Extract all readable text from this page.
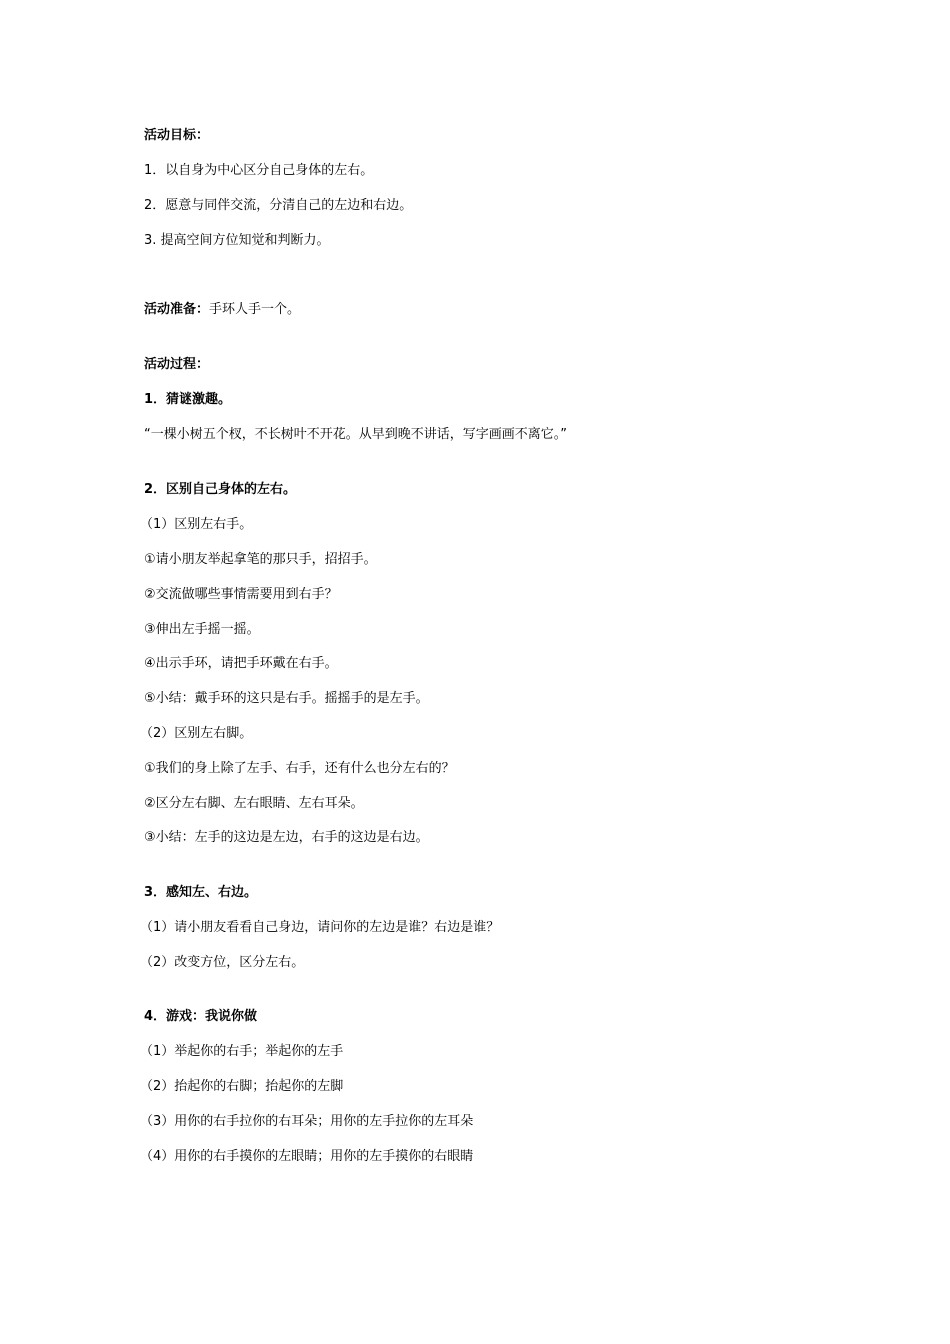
活动目标：
1．以自身为中心区分自己身体的左右。
2．愿意与同伴交流，分清自己的左边和右边。
3. 提高空间方位知觉和判断力。
活动准备：手环人手一个。
活动过程：
1．猜谜激趣。
“一棵小树五个杈，不长树叶不开花。从早到晚不讲话，写字画画不离它。”
2．区别自己身体的左右。
（1）区别左右手。
①请小朋友举起拿笔的那只手，招招手。
②交流做哪些事情需要用到右手？
③伸出左手摇一摇。
④出示手环，请把手环戴在右手。
⑤小结：戴手环的这只是右手。摇摇手的是左手。
（2）区别左右脚。
①我们的身上除了左手、右手，还有什么也分左右的？
②区分左右脚、左右眼睛、左右耳朵。
③小结：左手的这边是左边，右手的这边是右边。
3．感知左、右边。
（1）请小朋友看看自己身边，请问你的左边是谁？右边是谁？
（2）改变方位，区分左右。
4．游戏：我说你做
（1）举起你的右手；举起你的左手
（2）抬起你的右脚；抬起你的左脚
（3）用你的右手拉你的右耳朵；用你的左手拉你的左耳朵
（4）用你的右手摸你的左眼睛；用你的左手摸你的右眼睛
